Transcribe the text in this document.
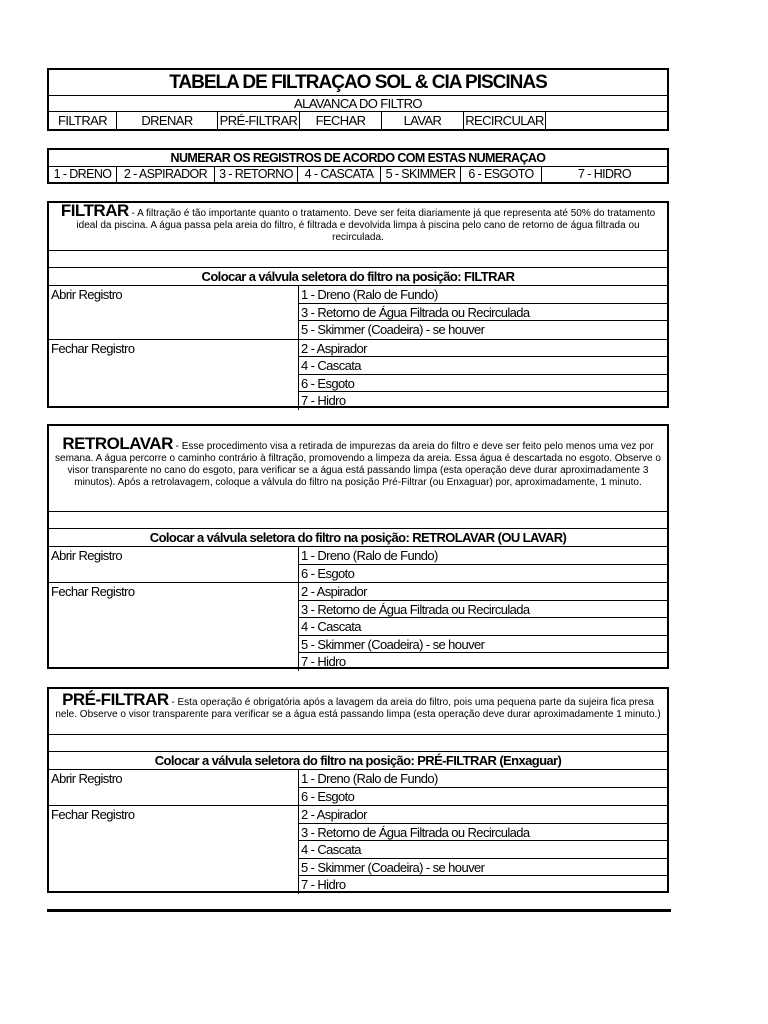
TABELA DE FILTRAÇAO SOL & CIA PISCINAS
ALAVANCA DO FILTRO
FILTRAR	DRENAR	PRÉ-FILTRAR	FECHAR	LAVAR	RECIRCULAR
NUMERAR OS REGISTROS DE ACORDO COM ESTAS NUMERAÇAO
1 - DRENO 2 - ASPIRADOR 3 - RETORNO 4 - CASCATA 5 - SKIMMER	6 - ESGOTO	7 - HIDRO
FILTRAR - A filtração é tão importante quanto o tratamento. Deve ser feita diariamente já que representa até 50% do tratamento ideal da piscina. A água passa pela areia do filtro, é filtrada e devolvida limpa à piscina pelo cano de retorno de água filtrada ou recirculada.
Colocar a válvula seletora do filtro na posição: FILTRAR
Abrir Registro	1 - Dreno (Ralo de Fundo)
3 - Retorno de Água Filtrada ou Recirculada
5 - Skimmer (Coadeira) - se houver
Fechar Registro	2 - Aspirador
4 - Cascata
6 - Esgoto
7 - Hidro
RETROLAVAR - Esse procedimento visa a retirada de impurezas da areia do filtro e deve ser feito pelo menos uma vez por semana. A água percorre o caminho contrário à filtração, promovendo a limpeza da areia. Essa água é descartada no esgoto. Observe o visor transparente no cano do esgoto, para verificar se a água está passando limpa (esta operação deve durar aproximadamente 3 minutos). Após a retrolavagem, coloque a válvula do filtro na posição Pré-Filtrar (ou Enxaguar) por, aproximadamente, 1 minuto.
Colocar a válvula seletora do filtro na posição: RETROLAVAR (OU LAVAR)
Abrir Registro	1 - Dreno (Ralo de Fundo)
6 - Esgoto
Fechar Registro	2 - Aspirador
3 - Retorno de Água Filtrada ou Recirculada
4 - Cascata
5 - Skimmer (Coadeira) - se houver
7 - Hidro
PRÉ-FILTRAR - Esta operação é obrigatória após a lavagem da areia do filtro, pois uma pequena parte da sujeira fica presa nele. Observe o visor transparente para verificar se a água está passando limpa (esta operação deve durar aproximadamente 1 minuto.)
Colocar a válvula seletora do filtro na posição: PRÉ-FILTRAR (Enxaguar)
Abrir Registro	1 - Dreno (Ralo de Fundo)
6 - Esgoto
Fechar Registro	2 - Aspirador
3 - Retorno de Água Filtrada ou Recirculada
4 - Cascata
5 - Skimmer (Coadeira) - se houver
7 - Hidro
